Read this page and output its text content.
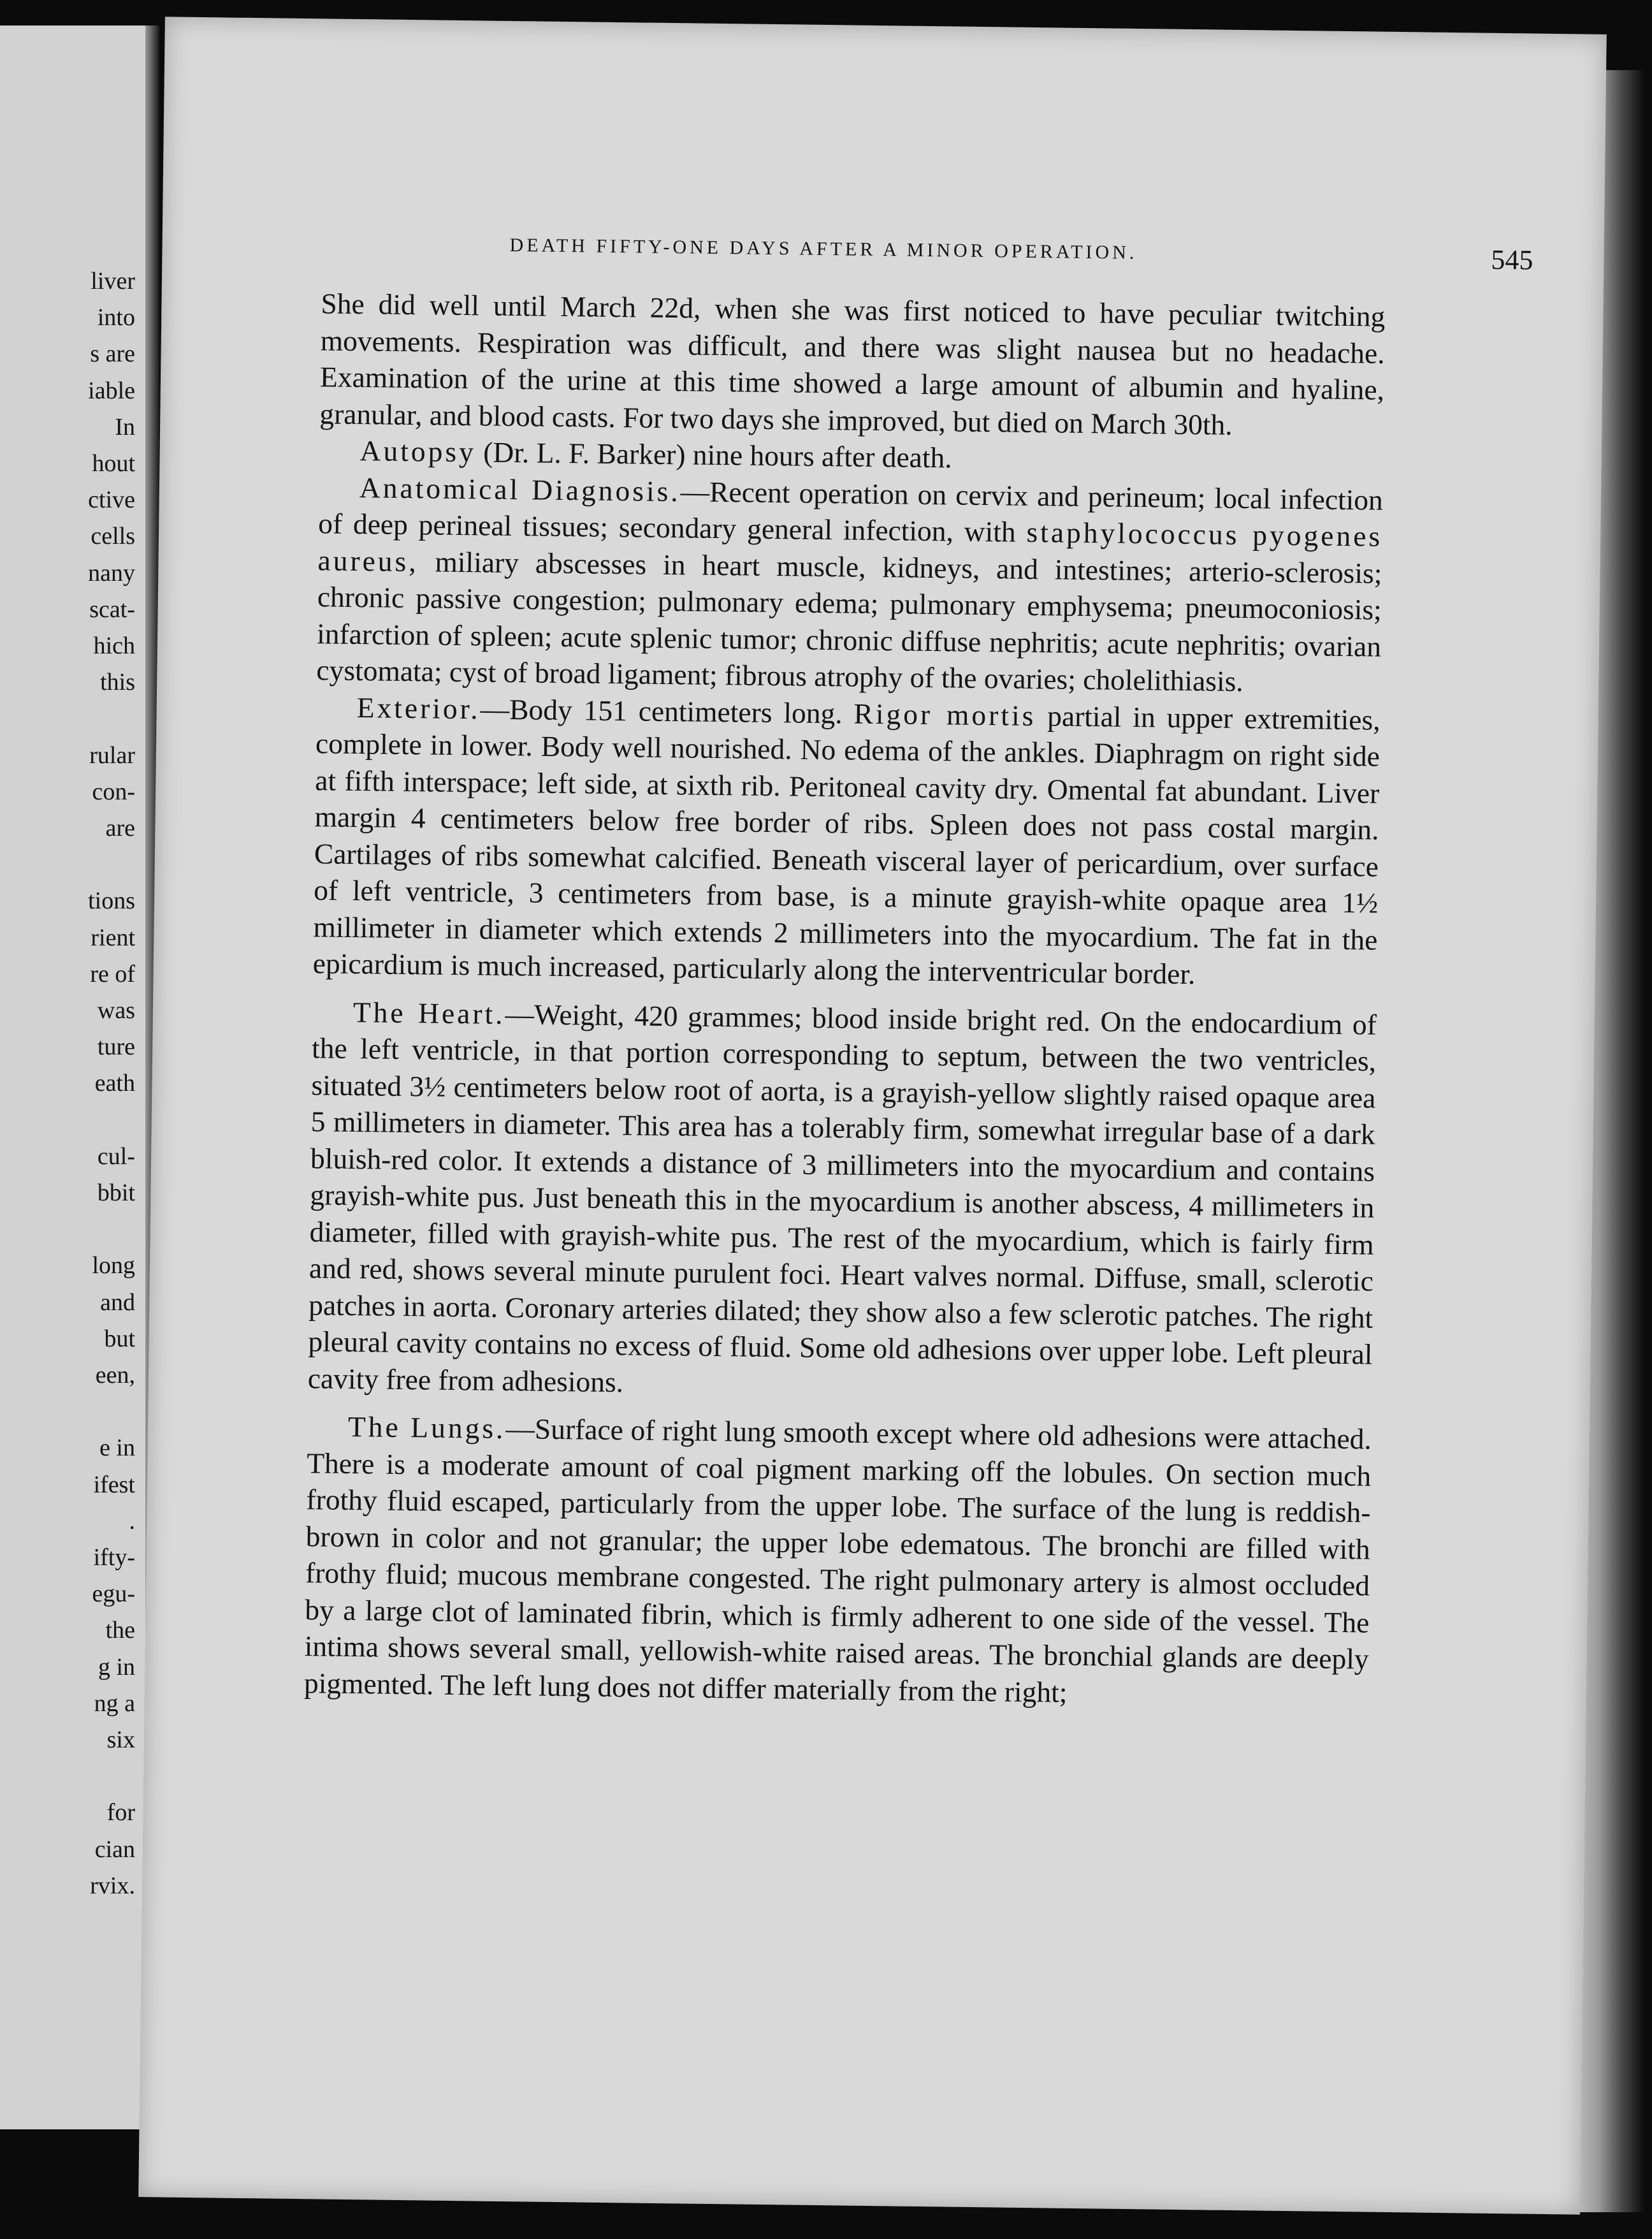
liver
into
s are
iable
In
hout
ctive
cells
nany
scat-
hich
this
rular
con-
are
tions
rient
re of
was
ture
eath
cul-
bbit
long
and
but
een,
e in
ifest
.
ifty-
egu-
the
g in
ng a
six
for
cian
rvix.
DEATH FIFTY-ONE DAYS AFTER A MINOR OPERATION.	545

She did well until March 22d, when she was first noticed to have peculiar twitching movements. Respiration was difficult, and there was slight nausea but no headache. Examination of the urine at this time showed a large amount of albumin and hyaline, granular, and blood casts. For two days she improved, but died on March 30th.

Autopsy (Dr. L. F. Barker) nine hours after death.

Anatomical Diagnosis.—Recent operation on cervix and perineum; local infection of deep perineal tissues; secondary general infection, with staphylococcus pyogenes aureus, miliary abscesses in heart muscle, kidneys, and intestines; arterio-sclerosis; chronic passive congestion; pulmonary edema; pulmonary emphysema; pneumoconiosis; infarction of spleen; acute splenic tumor; chronic diffuse nephritis; acute nephritis; ovarian cystomata; cyst of broad ligament; fibrous atrophy of the ovaries; cholelithiasis.

Exterior.—Body 151 centimeters long. Rigor mortis partial in upper extremities, complete in lower. Body well nourished. No edema of the ankles. Diaphragm on right side at fifth interspace; left side, at sixth rib. Peritoneal cavity dry. Omental fat abundant. Liver margin 4 centimeters below free border of ribs. Spleen does not pass costal margin. Cartilages of ribs somewhat calcified. Beneath visceral layer of pericardium, over surface of left ventricle, 3 centimeters from base, is a minute grayish-white opaque area 1½ millimeter in diameter which extends 2 millimeters into the myocardium. The fat in the epicardium is much increased, particularly along the interventricular border.

The Heart.—Weight, 420 grammes; blood inside bright red. On the endocardium of the left ventricle, in that portion corresponding to septum, between the two ventricles, situated 3½ centimeters below root of aorta, is a grayish-yellow slightly raised opaque area 5 millimeters in diameter. This area has a tolerably firm, somewhat irregular base of a dark bluish-red color. It extends a distance of 3 millimeters into the myocardium and contains grayish-white pus. Just beneath this in the myocardium is another abscess, 4 millimeters in diameter, filled with grayish-white pus. The rest of the myocardium, which is fairly firm and red, shows several minute purulent foci. Heart valves normal. Diffuse, small, sclerotic patches in aorta. Coronary arteries dilated; they show also a few sclerotic patches. The right pleural cavity contains no excess of fluid. Some old adhesions over upper lobe. Left pleural cavity free from adhesions.

The Lungs.—Surface of right lung smooth except where old adhesions were attached. There is a moderate amount of coal pigment marking off the lobules. On section much frothy fluid escaped, particularly from the upper lobe. The surface of the lung is reddish-brown in color and not granular; the upper lobe edematous. The bronchi are filled with frothy fluid; mucous membrane congested. The right pulmonary artery is almost occluded by a large clot of laminated fibrin, which is firmly adherent to one side of the vessel. The intima shows several small, yellowish-white raised areas. The bronchial glands are deeply pigmented. The left lung does not differ materially from the right;
